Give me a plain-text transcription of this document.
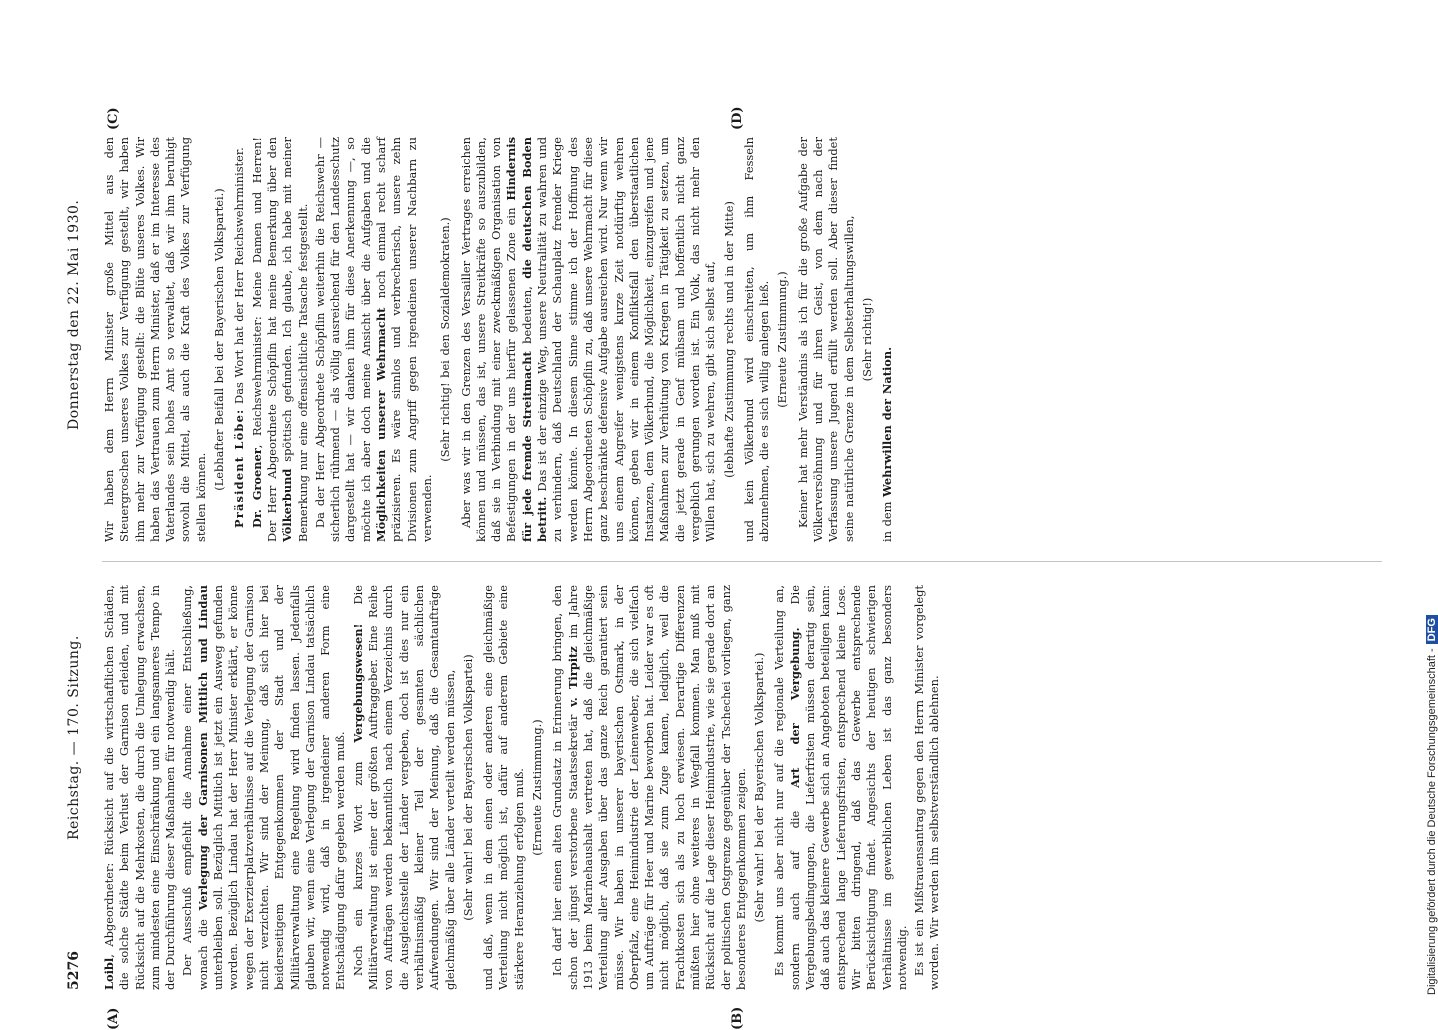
5276
Reichstag. — 170. Sitzung.
Donnerstag den 22. Mai 1930.
(A)	(B)
(C)	(D)

Loibl, Abgeordneter: Rücksicht auf die wirtschaftlichen Schäden, die solche Städte beim Verlust der Garnison erleiden, und mit Rücksicht auf die Mehrkosten, die durch die Umlegung erwachsen, zum mindesten eine Einschränkung und ein langsameres Tempo in der Durchführung dieser Maßnahmen für notwendig hält. Der Ausschuß empfiehlt die Annahme einer Entschließung, wonach die Verlegung der Garnisonen Mittlich und Lindau unterbleiben soll. Bezüglich Mittlich ist jetzt ein Ausweg gefunden worden. Bezüglich Lindau hat der Herr Minister erklärt, er könne wegen der Exerzierplatzverhältnisse auf die Verlegung der Garnison nicht verzichten. Wir sind der Meinung, daß sich hier bei beiderseitigem Entgegenkommen der Stadt und der Militärverwaltung eine Regelung wird finden lassen. Jedenfalls glauben wir, wenn eine Verlegung der Garnison Lindau tatsächlich notwendig wird, daß in irgendeiner anderen Form eine Entschädigung dafür gegeben werden muß. Noch ein kurzes Wort zum Vergebungswesen! Die Militärverwaltung ist einer der größten Auftraggeber. Eine Reihe von Aufträgen werden bekanntlich nach einem Verzeichnis durch die Ausgleichsstelle der Länder vergeben, doch ist dies nur ein verhältnismäßig kleiner Teil der gesamten sächlichen Aufwendungen. Wir sind der Meinung, daß die Gesamtaufträge gleichmäßig über alle Länder verteilt werden müssen, (Sehr wahr! bei der Bayerischen Volkspartei) und daß, wenn in dem einen oder anderen eine gleichmäßige Verteilung nicht möglich ist, dafür auf anderem Gebiete eine stärkere Heranziehung erfolgen muß. (Erneute Zustimmung.) Ich darf hier einen alten Grundsatz in Erinnerung bringen, den schon der jüngst verstorbene Staatssekretär v. Tirpitz im Jahre 1913 beim Marinehaushalt vertreten hat, daß die gleichmäßige Verteilung aller Ausgaben über das ganze Reich garantiert sein müsse. Wir haben in unserer bayerischen Ostmark, in der Oberpfalz, eine Heimindustrie der Leinenweber, die sich vielfach um Aufträge für Heer und Marine beworben hat. Leider war es oft nicht möglich, daß sie zum Zuge kamen, lediglich, weil die Frachtkosten sich als zu hoch erwiesen. Derartige Differenzen müßten hier ohne weiteres in Wegfall kommen. Man muß mit Rücksicht auf die Lage dieser Heimindustrie, wie sie gerade dort an der politischen Ostgrenze gegenüber der Tschechei vorliegen, ganz besonderes Entgegenkommen zeigen. (Sehr wahr! bei der Bayerischen Volkspartei.) Es kommt uns aber nicht nur auf die regionale Verteilung an, sondern auch auf die Art der Vergebung. Die Vergebungsbedingungen, die Lieferfristen müssen derartig sein, daß auch das kleinere Gewerbe sich an Angeboten beteiligen kann: entsprechend lange Lieferungsfristen, entsprechend kleine Lose. Wir bitten dringend, daß das Gewerbe entsprechende Berücksichtigung findet. Angesichts der heutigen schwierigen Verhältnisse im gewerblichen Leben ist das ganz besonders notwendig. Es ist ein Mißtrauensantrag gegen den Herrn Minister vorgelegt worden. Wir werden ihn selbstverständlich ablehnen.

Wir haben dem Herrn Minister große Mittel aus den Steuergroschen unseres Volkes zur Verfügung gestellt, wir haben ihm mehr zur Verfügung gestellt: die Blüte unseres Volkes. Wir haben das Vertrauen zum Herrn Minister, daß er im Interesse des Vaterlandes sein hohes Amt so verwaltet, daß wir ihm beruhigt sowohl die Mittel, als auch die Kraft des Volkes zur Verfügung stellen können.

(Lebhafter Beifall bei der Bayerischen Volkspartei.) Präsident Löbe: Das Wort hat der Herr Reichswehrminister.

Dr. Groener, Reichswehrminister: Meine Damen und Herren! Der Herr Abgeordnete Schöpflin hat meine Bemerkung über den Völkerbund spöttisch gefunden. Ich glaube, ich habe mit meiner Bemerkung nur eine offensichtliche Tatsache festgestellt. Da der Herr Abgeordnete Schöpflin weiterhin die Reichswehr — sicherlich rühmend — als völlig ausreichend für den Landesschutz dargestellt hat — wir danken ihm für diese Anerkennung —, so möchte ich aber doch meine Ansicht über die Aufgaben und die Möglichkeiten unserer Wehrmacht noch einmal recht scharf präzisieren. Es wäre sinnlos und verbrecherisch, unsere zehn Divisionen zum Angriff gegen irgendeinen unserer Nachbarn zu verwenden.

(Sehr richtig! bei den Sozialdemokraten.) Aber was wir in den Grenzen des Versailler Vertrages erreichen können und müssen, das ist, unsere Streitkräfte so auszubilden, daß sie in Verbindung mit einer zweckmäßigen Organisation von Befestigungen in der uns hierfür gelassenen Zone ein Hindernis für jede fremde Streitmacht bedeuten, die deutschen Boden betritt. Das ist der einzige Weg, unsere Neutralität zu wahren und zu verhindern, daß Deutschland der Schauplatz fremder Kriege werden könnte. In diesem Sinne stimme ich der Hoffnung des Herrn Abgeordneten Schöpflin zu, daß unsere Wehrmacht für diese ganz beschränkte defensive Aufgabe ausreichen wird. Nur wenn wir uns einem Angreifer wenigstens kurze Zeit notdürftig wehren können, geben wir in einem Konfliktsfall den überstaatlichen Instanzen, dem Völkerbund, die Möglichkeit, einzugreifen und jene Maßnahmen zur Verhütung von Kriegen in Tätigkeit zu setzen, um die jetzt gerade in Genf mühsam und hoffentlich nicht ganz vergeblich gerungen worden ist. Ein Volk, das nicht mehr den Willen hat, sich zu wehren, gibt sich selbst auf, (lebhafte Zustimmung rechts und in der Mitte) und kein Völkerbund wird einschreiten, um ihm Fesseln abzunehmen, die es sich willig anlegen ließ. (Erneute Zustimmung.) Keiner hat mehr Verständnis als ich für die große Aufgabe der Völkerversöhnung und für ihren Geist, von dem nach der Verfassung unsere Jugend erfüllt werden soll. Aber dieser findet seine natürliche Grenze in dem Selbsterhaltungswillen, (Sehr richtig!)

in dem Wehrwillen der Nation.

Digitalisierung gefördert durch die Deutsche Forschungsgemeinschaft -DFG
